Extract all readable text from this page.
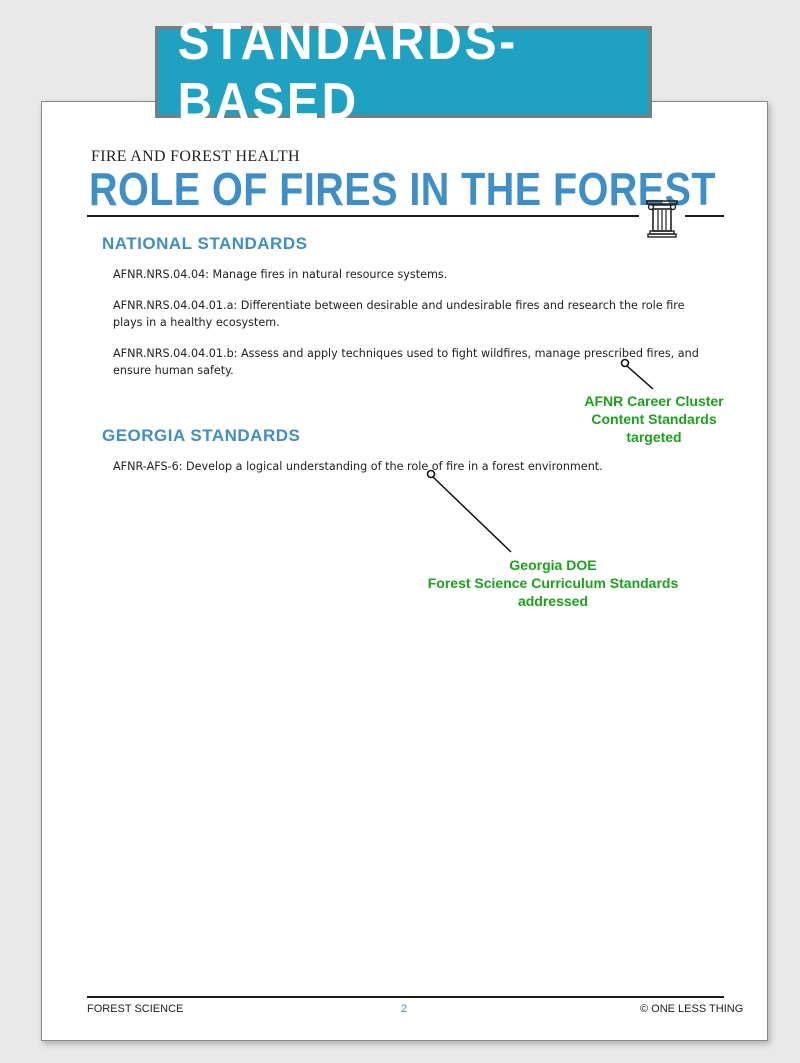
STANDARDS-BASED
FIRE AND FOREST HEALTH
ROLE OF FIRES IN THE FOREST
NATIONAL STANDARDS
AFNR.NRS.04.04: Manage fires in natural resource systems.
AFNR.NRS.04.04.01.a: Differentiate between desirable and undesirable fires and research the role fire plays in a healthy ecosystem.
AFNR.NRS.04.04.01.b: Assess and apply techniques used to fight wildfires, manage prescribed fires, and ensure human safety.
GEORGIA STANDARDS
AFNR-AFS-6: Develop a logical understanding of the role of fire in a forest environment.
AFNR Career Cluster
Content Standards
targeted
Georgia DOE
Forest Science Curriculum Standards addressed
FOREST SCIENCE	2	© ONE LESS THING
